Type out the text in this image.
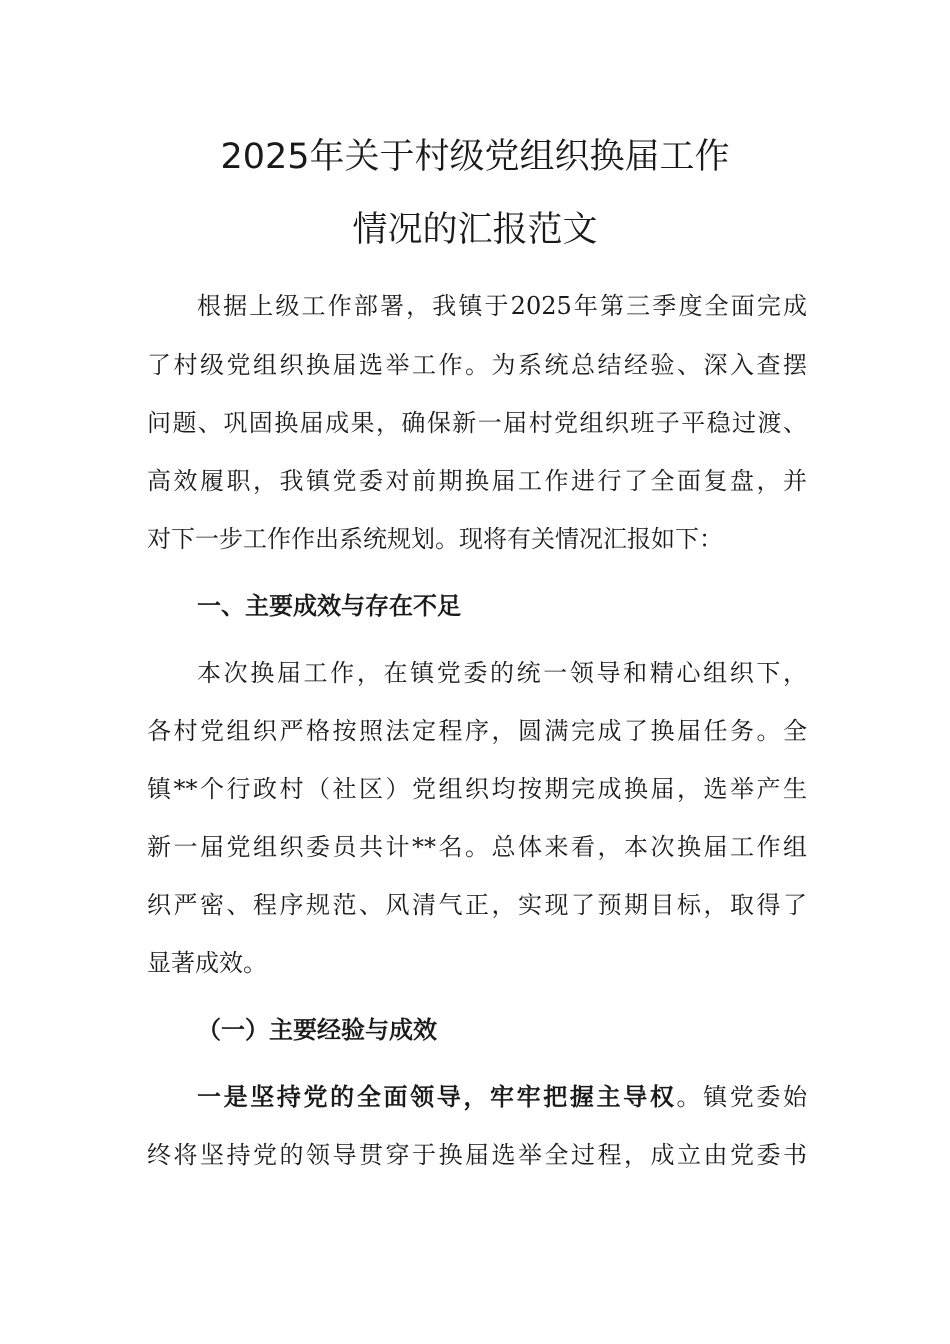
2025年关于村级党组织换届工作
情况的汇报范文
根据上级工作部署，我镇于2025年第三季度全面完成
了村级党组织换届选举工作。为系统总结经验、深入查摆
问题、巩固换届成果，确保新一届村党组织班子平稳过渡、
高效履职，我镇党委对前期换届工作进行了全面复盘，并
对下一步工作作出系统规划。现将有关情况汇报如下：
一、主要成效与存在不足
本次换届工作，在镇党委的统一领导和精心组织下，
各村党组织严格按照法定程序，圆满完成了换届任务。全
镇**个行政村（社区）党组织均按期完成换届，选举产生
新一届党组织委员共计**名。总体来看，本次换届工作组
织严密、程序规范、风清气正，实现了预期目标，取得了
显著成效。
（一）主要经验与成效
一是坚持党的全面领导，牢牢把握主导权。镇党委始
终将坚持党的领导贯穿于换届选举全过程，成立由党委书
